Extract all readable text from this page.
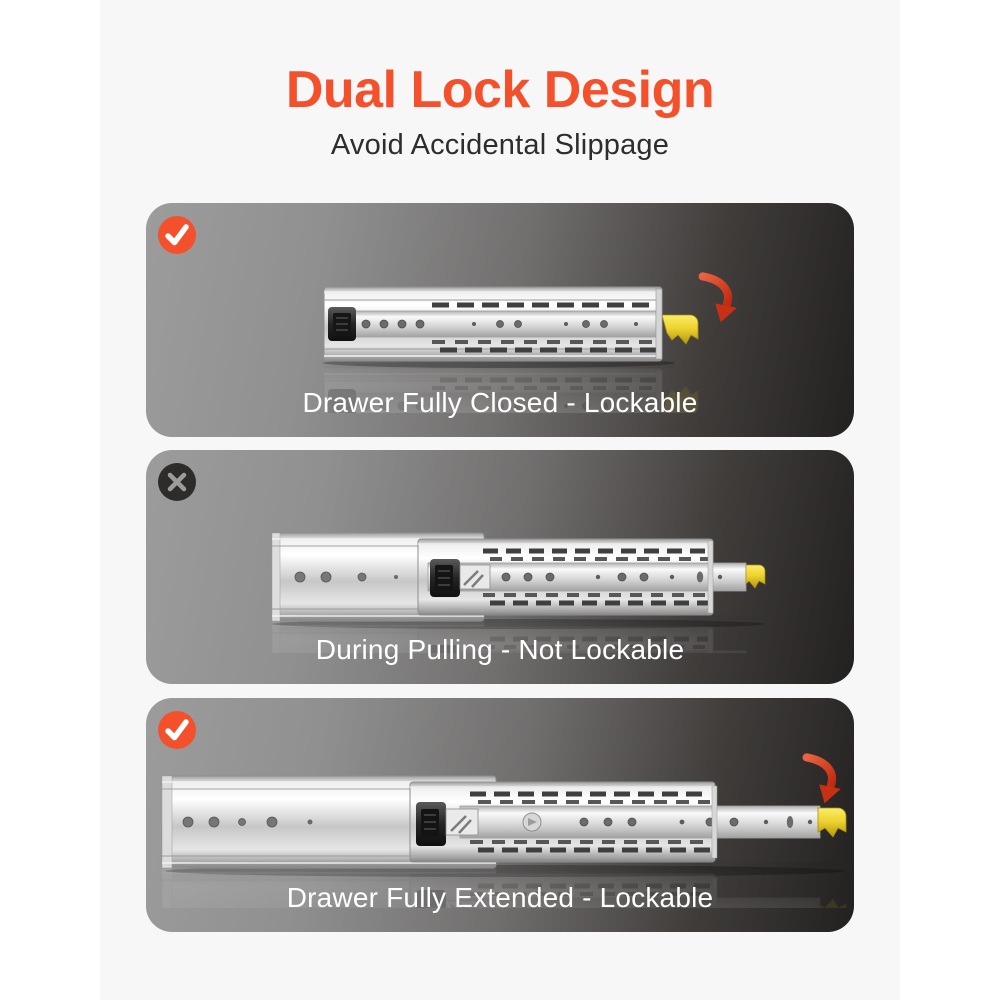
Dual Lock Design

Avoid Accidental Slippage

Drawer Fully Closed - Lockable
During Pulling - Not Lockable
Drawer Fully Extended - Lockable
